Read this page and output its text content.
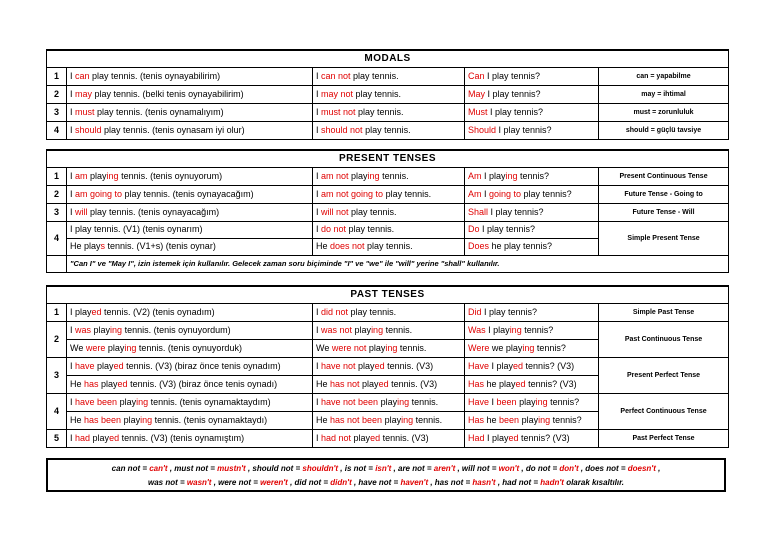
MODALS				
1	I can play tennis. (tenis oynayabilirim)	I can not play tennis.	Can I play tennis?	can = yapabilme
2	I may play tennis. (belki tenis oynayabilirim)	I may not play tennis.	May I play tennis?	may = ihtimal
3	I must play tennis. (tenis oynamalıyım)	I must not play tennis.	Must I play tennis?	must = zorunluluk
4	I should play tennis. (tenis oynasam iyi olur)	I should not play tennis.	Should I play tennis?	should = güçlü tavsiye
PRESENT TENSES				
1	I am playing tennis. (tenis oynuyorum)	I am not playing tennis.	Am I playing tennis?	Present Continuous Tense
2	I am going to play tennis. (tenis oynayacağım)	I am not going to play tennis.	Am I going to play tennis?	Future Tense - Going to
3	I will play tennis. (tenis oynayacağım)	I will not play tennis.	Shall I play tennis?	Future Tense - Will
4	I play tennis. (V1) (tenis oynarım)	I do not play tennis.	Do I play tennis?	Simple Present Tense
	He plays tennis. (V1+s) (tenis oynar)	He does not play tennis.	Does he play tennis?	
	"Can I" ve "May I", izin istemek için kullanılır. Gelecek zaman soru biçiminde "I" ve "we" ile "will" yerine "shall" kullanılır.			
PAST TENSES				
1	I played tennis. (V2) (tenis oynadım)	I did not play tennis.	Did I play tennis?	Simple Past Tense
2	I was playing tennis. (tenis oynuyordum)	I was not playing tennis.	Was I playing tennis?	Past Continuous Tense
	We were playing tennis. (tenis oynuyorduk)	We were not playing tennis.	Were we playing tennis?	
3	I have played tennis. (V3) (biraz önce tenis oynadım)	I have not played tennis. (V3)	Have I played tennis? (V3)	Present Perfect Tense
	He has played tennis. (V3) (biraz önce tenis oynadı)	He has not played tennis. (V3)	Has he played tennis? (V3)	
4	I have been playing tennis. (tenis oynamaktaydım)	I have not been playing tennis.	Have I been playing tennis?	Perfect Continuous Tense
	He has been playing tennis. (tenis oynamaktaydı)	He has not been playing tennis.	Has he been playing tennis?	
5	I had played tennis. (V3) (tenis oynamıştım)	I had not played tennis. (V3)	Had I played tennis? (V3)	Past Perfect Tense
can not = can't , must not = mustn't , should not = shouldn't , is not = isn't , are not = aren't , will not = won't , do not = don't , does not = doesn't ,
was not = wasn't , were not = weren't , did not = didn't , have not = haven't , has not = hasn't , had not = hadn't olarak kısaltılır.
